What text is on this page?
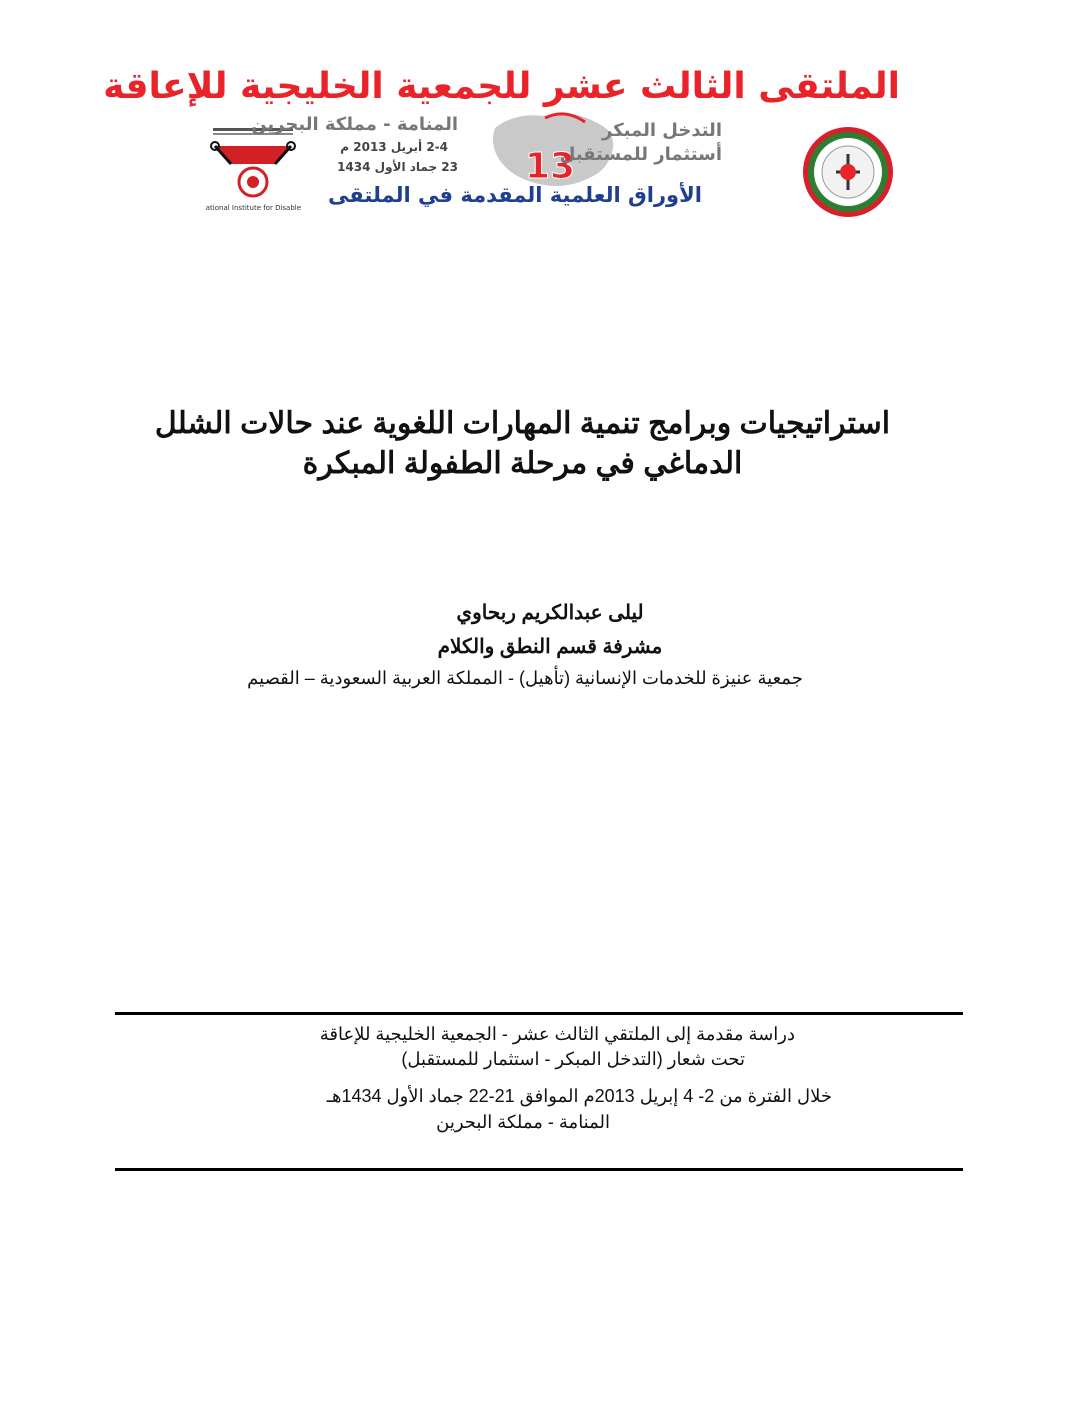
الملتقى الثالث عشر للجمعية الخليجية للإعاقة
National Institute for Disabled
المنامة - مملكة البحرين
2-4 أبريل 2013 م
23 جماد الأول 1434 13
التدخل المبكر
أستثمار للمستقبل
الأوراق العلمية المقدمة في الملتقى
استراتيجيات وبرامج تنمية المهارات اللغوية عند حالات الشلل
الدماغي في مرحلة الطفولة المبكرة
ليلى عبدالكريم ربحاوي
مشرفة قسم النطق والكلام
جمعية عنيزة للخدمات الإنسانية (تأهيل) - المملكة العربية السعودية – القصيم
دراسة مقدمة إلى الملتقي الثالث عشر - الجمعية الخليجية للإعاقة
تحت شعار (التدخل المبكر - استثمار للمستقبل)
خلال الفترة من 2- 4 إبريل 2013م الموافق 21-22 جماد الأول 1434هـ
المنامة - مملكة البحرين
